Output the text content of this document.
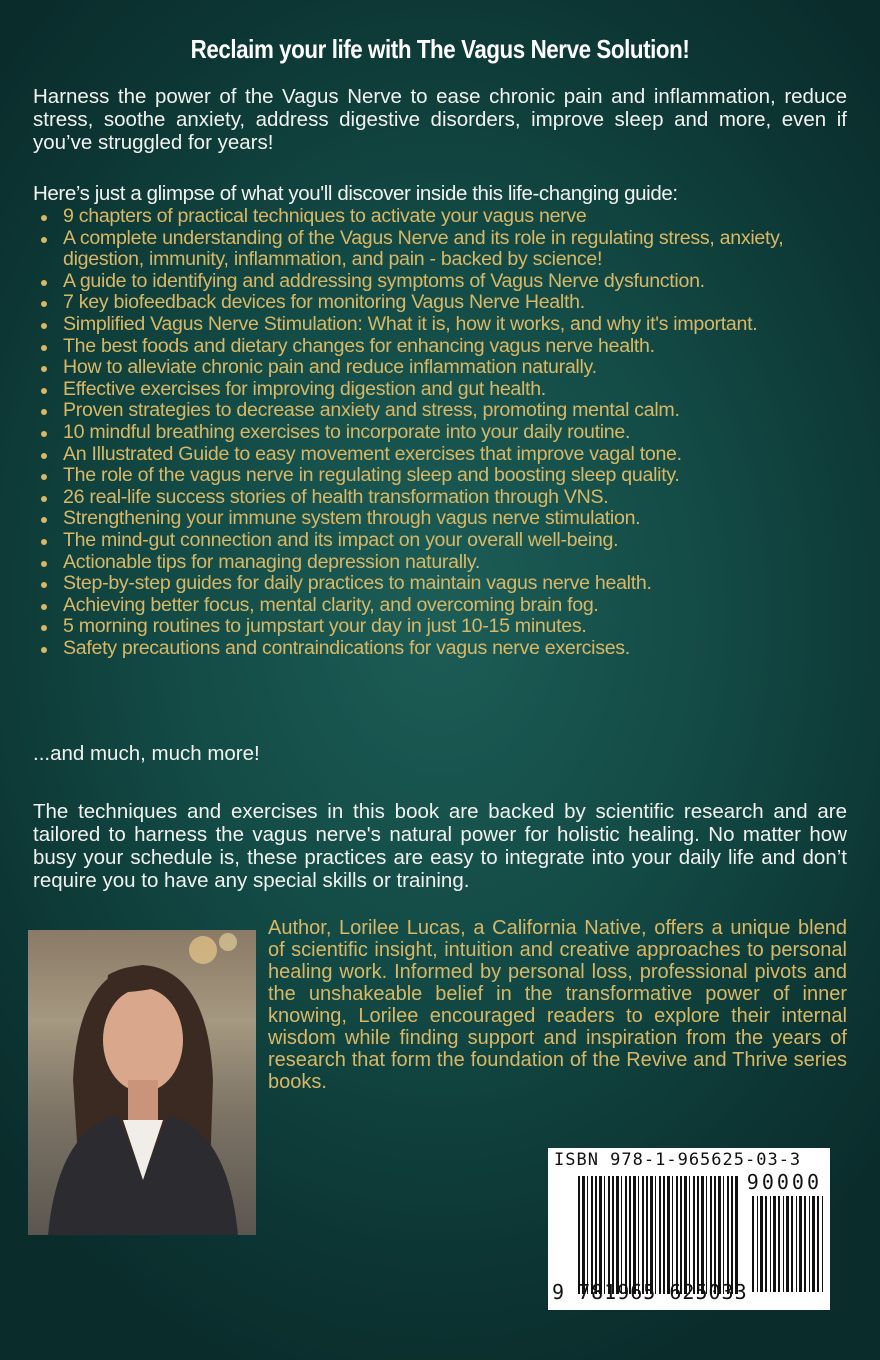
Reclaim your life with The Vagus Nerve Solution!
Harness the power of the Vagus Nerve to ease chronic pain and inflammation, reduce stress, soothe anxiety, address digestive disorders, improve sleep and more, even if you’ve struggled for years!
Here’s just a glimpse of what you'll discover inside this life-changing guide:
9 chapters of practical techniques to activate your vagus nerve
A complete understanding of the Vagus Nerve and its role in regulating stress, anxiety, digestion, immunity, inflammation, and pain - backed by science!
A guide to identifying and addressing symptoms of Vagus Nerve dysfunction.
7 key biofeedback devices for monitoring Vagus Nerve Health.
Simplified Vagus Nerve Stimulation: What it is, how it works, and why it's important.
The best foods and dietary changes for enhancing vagus nerve health.
How to alleviate chronic pain and reduce inflammation naturally.
Effective exercises for improving digestion and gut health.
Proven strategies to decrease anxiety and stress, promoting mental calm.
10 mindful breathing exercises to incorporate into your daily routine.
An Illustrated Guide to easy movement exercises that improve vagal tone.
The role of the vagus nerve in regulating sleep and boosting sleep quality.
26 real-life success stories of health transformation through VNS.
Strengthening your immune system through vagus nerve stimulation.
The mind-gut connection and its impact on your overall well-being.
Actionable tips for managing depression naturally.
Step-by-step guides for daily practices to maintain vagus nerve health.
Achieving better focus, mental clarity, and overcoming brain fog.
5 morning routines to jumpstart your day in just 10-15 minutes.
Safety precautions and contraindications for vagus nerve exercises.
...and much, much more!
The techniques and exercises in this book are backed by scientific research and are tailored to harness the vagus nerve's natural power for holistic healing. No matter how busy your schedule is, these practices are easy to integrate into your daily life and don’t require you to have any special skills or training.
Author, Lorilee Lucas, a California Native, offers a unique blend of scientific insight, intuition and creative approaches to personal healing work. Informed by personal loss, professional pivots and the unshakeable belief in the transformative power of inner knowing, Lorilee encouraged readers to explore their internal wisdom while finding support and inspiration from the years of research that form the foundation of the Revive and Thrive series books.
ISBN 978-1-965625-03-3
90000
9 781965 625033
